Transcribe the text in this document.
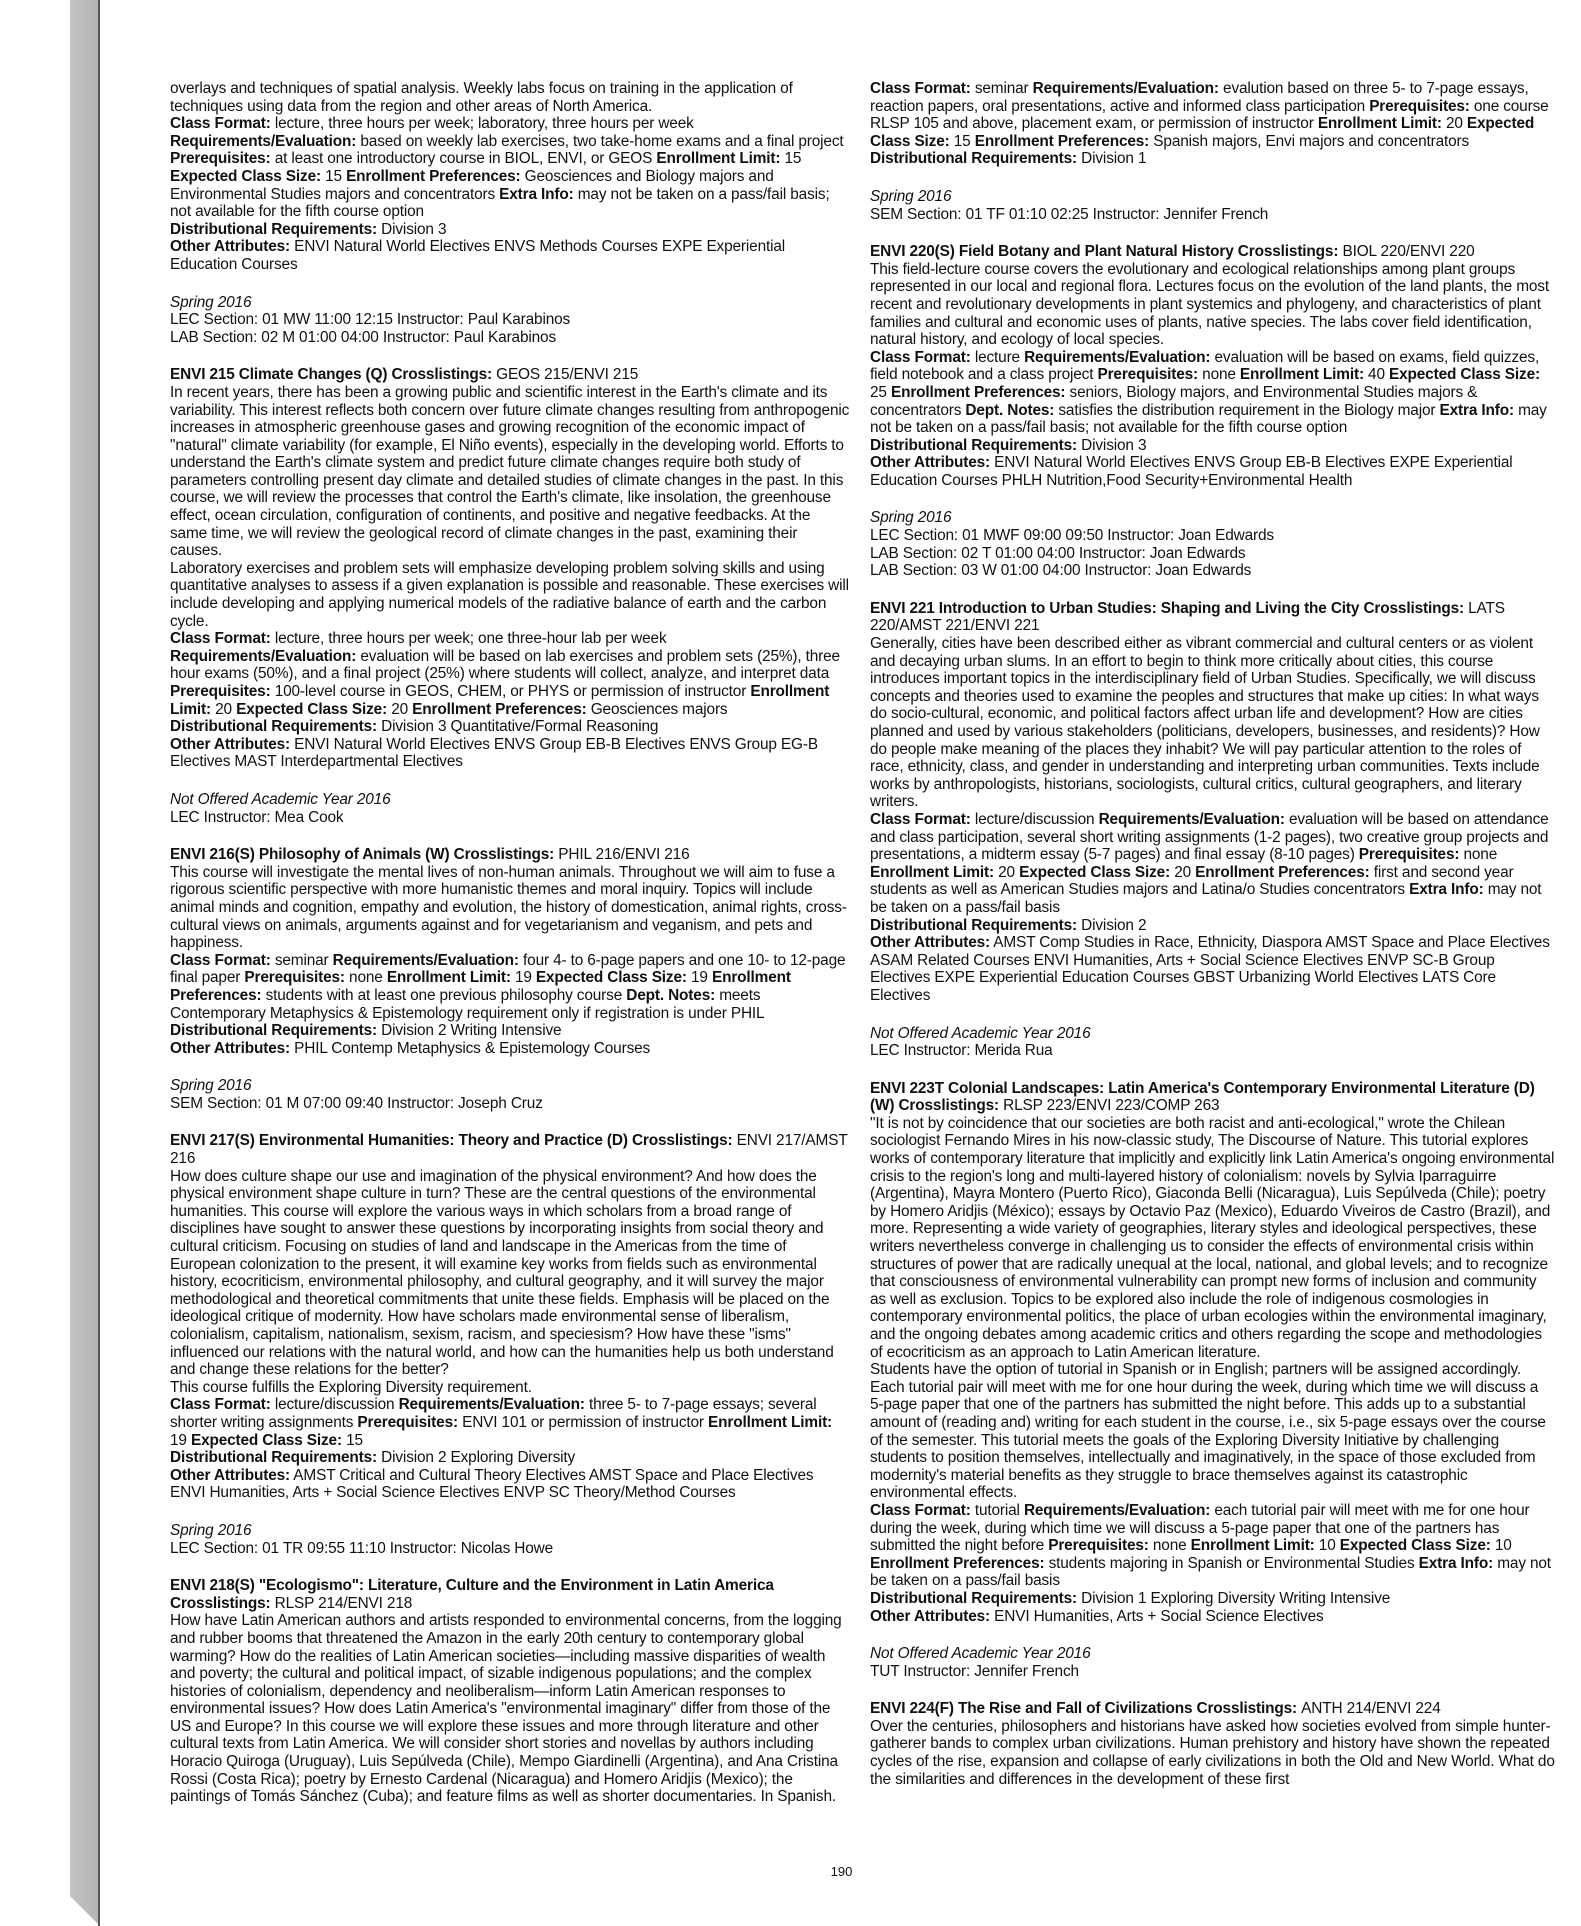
overlays and techniques of spatial analysis. Weekly labs focus on training in the application of techniques using data from the region and other areas of North America.

Class Format: lecture, three hours per week; laboratory, three hours per week Requirements/Evaluation: based on weekly lab exercises, two take-home exams and a final project Prerequisites: at least one introductory course in BIOL, ENVI, or GEOS Enrollment Limit: 15 Expected Class Size: 15 Enrollment Preferences: Geosciences and Biology majors and Environmental Studies majors and concentrators Extra Info: may not be taken on a pass/fail basis; not available for the fifth course option

Distributional Requirements: Division 3

Other Attributes: ENVI Natural World Electives ENVS Methods Courses EXPE Experiential Education Courses

Spring 2016

LEC Section: 01 MW 11:00 12:15 Instructor: Paul Karabinos

LAB Section: 02 M 01:00 04:00 Instructor: Paul Karabinos

ENVI 215 Climate Changes (Q) Crosslistings: GEOS 215/ENVI 215

In recent years, there has been a growing public and scientific interest in the Earth's climate and its variability. This interest reflects both concern over future climate changes resulting from anthropogenic increases in atmospheric greenhouse gases and growing recognition of the economic impact of "natural" climate variability (for example, El Niño events), especially in the developing world. Efforts to understand the Earth's climate system and predict future climate changes require both study of parameters controlling present day climate and detailed studies of climate changes in the past. In this course, we will review the processes that control the Earth's climate, like insolation, the greenhouse effect, ocean circulation, configuration of continents, and positive and negative feedbacks. At the same time, we will review the geological record of climate changes in the past, examining their causes.

Laboratory exercises and problem sets will emphasize developing problem solving skills and using quantitative analyses to assess if a given explanation is possible and reasonable. These exercises will include developing and applying numerical models of the radiative balance of earth and the carbon cycle.

Class Format: lecture, three hours per week; one three-hour lab per week Requirements/Evaluation: evaluation will be based on lab exercises and problem sets (25%), three hour exams (50%), and a final project (25%) where students will collect, analyze, and interpret data Prerequisites: 100-level course in GEOS, CHEM, or PHYS or permission of instructor Enrollment Limit: 20 Expected Class Size: 20 Enrollment Preferences: Geosciences majors

Distributional Requirements: Division 3 Quantitative/Formal Reasoning

Other Attributes: ENVI Natural World Electives ENVS Group EB-B Electives ENVS Group EG-B Electives MAST Interdepartmental Electives

Not Offered Academic Year 2016

LEC Instructor: Mea Cook

ENVI 216(S) Philosophy of Animals (W) Crosslistings: PHIL 216/ENVI 216

This course will investigate the mental lives of non-human animals. Throughout we will aim to fuse a rigorous scientific perspective with more humanistic themes and moral inquiry. Topics will include animal minds and cognition, empathy and evolution, the history of domestication, animal rights, cross-cultural views on animals, arguments against and for vegetarianism and veganism, and pets and happiness.

Class Format: seminar Requirements/Evaluation: four 4- to 6-page papers and one 10- to 12-page final paper Prerequisites: none Enrollment Limit: 19 Expected Class Size: 19 Enrollment Preferences: students with at least one previous philosophy course Dept. Notes: meets Contemporary Metaphysics & Epistemology requirement only if registration is under PHIL

Distributional Requirements: Division 2 Writing Intensive

Other Attributes: PHIL Contemp Metaphysics & Epistemology Courses

Spring 2016

SEM Section: 01 M 07:00 09:40 Instructor: Joseph Cruz

ENVI 217(S) Environmental Humanities: Theory and Practice (D) Crosslistings: ENVI 217/AMST 216

How does culture shape our use and imagination of the physical environment? And how does the physical environment shape culture in turn? These are the central questions of the environmental humanities. This course will explore the various ways in which scholars from a broad range of disciplines have sought to answer these questions by incorporating insights from social theory and cultural criticism. Focusing on studies of land and landscape in the Americas from the time of European colonization to the present, it will examine key works from fields such as environmental history, ecocriticism, environmental philosophy, and cultural geography, and it will survey the major methodological and theoretical commitments that unite these fields. Emphasis will be placed on the ideological critique of modernity. How have scholars made environmental sense of liberalism, colonialism, capitalism, nationalism, sexism, racism, and speciesism? How have these "isms" influenced our relations with the natural world, and how can the humanities help us both understand and change these relations for the better?

This course fulfills the Exploring Diversity requirement.

Class Format: lecture/discussion Requirements/Evaluation: three 5- to 7-page essays; several shorter writing assignments Prerequisites: ENVI 101 or permission of instructor Enrollment Limit: 19 Expected Class Size: 15

Distributional Requirements: Division 2 Exploring Diversity

Other Attributes: AMST Critical and Cultural Theory Electives AMST Space and Place Electives ENVI Humanities, Arts + Social Science Electives ENVP SC Theory/Method Courses

Spring 2016

LEC Section: 01 TR 09:55 11:10 Instructor: Nicolas Howe

ENVI 218(S) "Ecologismo": Literature, Culture and the Environment in Latin America Crosslistings: RLSP 214/ENVI 218

How have Latin American authors and artists responded to environmental concerns, from the logging and rubber booms that threatened the Amazon in the early 20th century to contemporary global warming? How do the realities of Latin American societies—including massive disparities of wealth and poverty; the cultural and political impact, of sizable indigenous populations; and the complex histories of colonialism, dependency and neoliberalism—inform Latin American responses to environmental issues? How does Latin America's "environmental imaginary" differ from those of the US and Europe? In this course we will explore these issues and more through literature and other cultural texts from Latin America. We will consider short stories and novellas by authors including Horacio Quiroga (Uruguay), Luis Sepúlveda (Chile), Mempo Giardinelli (Argentina), and Ana Cristina Rossi (Costa Rica); poetry by Ernesto Cardenal (Nicaragua) and Homero Aridjis (Mexico); the paintings of Tomás Sánchez (Cuba); and feature films as well as shorter documentaries. In Spanish.

Class Format: seminar Requirements/Evaluation: evalution based on three 5- to 7-page essays, reaction papers, oral presentations, active and informed class participation Prerequisites: one course RLSP 105 and above, placement exam, or permission of instructor Enrollment Limit: 20 Expected Class Size: 15 Enrollment Preferences: Spanish majors, Envi majors and concentrators

Distributional Requirements: Division 1

Spring 2016

SEM Section: 01 TF 01:10 02:25 Instructor: Jennifer French

ENVI 220(S) Field Botany and Plant Natural History Crosslistings: BIOL 220/ENVI 220

This field-lecture course covers the evolutionary and ecological relationships among plant groups represented in our local and regional flora. Lectures focus on the evolution of the land plants, the most recent and revolutionary developments in plant systemics and phylogeny, and characteristics of plant families and cultural and economic uses of plants, native species. The labs cover field identification, natural history, and ecology of local species.

Class Format: lecture Requirements/Evaluation: evaluation will be based on exams, field quizzes, field notebook and a class project Prerequisites: none Enrollment Limit: 40 Expected Class Size: 25 Enrollment Preferences: seniors, Biology majors, and Environmental Studies majors & concentrators Dept. Notes: satisfies the distribution requirement in the Biology major Extra Info: may not be taken on a pass/fail basis; not available for the fifth course option

Distributional Requirements: Division 3

Other Attributes: ENVI Natural World Electives ENVS Group EB-B Electives EXPE Experiential Education Courses PHLH Nutrition,Food Security+Environmental Health

Spring 2016

LEC Section: 01 MWF 09:00 09:50 Instructor: Joan Edwards

LAB Section: 02 T 01:00 04:00 Instructor: Joan Edwards

LAB Section: 03 W 01:00 04:00 Instructor: Joan Edwards

ENVI 221 Introduction to Urban Studies: Shaping and Living the City Crosslistings: LATS 220/AMST 221/ENVI 221

Generally, cities have been described either as vibrant commercial and cultural centers or as violent and decaying urban slums. In an effort to begin to think more critically about cities, this course introduces important topics in the interdisciplinary field of Urban Studies. Specifically, we will discuss concepts and theories used to examine the peoples and structures that make up cities: In what ways do socio-cultural, economic, and political factors affect urban life and development? How are cities planned and used by various stakeholders (politicians, developers, businesses, and residents)? How do people make meaning of the places they inhabit? We will pay particular attention to the roles of race, ethnicity, class, and gender in understanding and interpreting urban communities. Texts include works by anthropologists, historians, sociologists, cultural critics, cultural geographers, and literary writers.

Class Format: lecture/discussion Requirements/Evaluation: evaluation will be based on attendance and class participation, several short writing assignments (1-2 pages), two creative group projects and presentations, a midterm essay (5-7 pages) and final essay (8-10 pages) Prerequisites: none Enrollment Limit: 20 Expected Class Size: 20 Enrollment Preferences: first and second year students as well as American Studies majors and Latina/o Studies concentrators Extra Info: may not be taken on a pass/fail basis

Distributional Requirements: Division 2

Other Attributes: AMST Comp Studies in Race, Ethnicity, Diaspora AMST Space and Place Electives ASAM Related Courses ENVI Humanities, Arts + Social Science Electives ENVP SC-B Group Electives EXPE Experiential Education Courses GBST Urbanizing World Electives LATS Core Electives

Not Offered Academic Year 2016

LEC Instructor: Merida Rua

ENVI 223T Colonial Landscapes: Latin America's Contemporary Environmental Literature (D) (W) Crosslistings: RLSP 223/ENVI 223/COMP 263

"It is not by coincidence that our societies are both racist and anti-ecological," wrote the Chilean sociologist Fernando Mires in his now-classic study, The Discourse of Nature. This tutorial explores works of contemporary literature that implicitly and explicitly link Latin America's ongoing environmental crisis to the region's long and multi-layered history of colonialism: novels by Sylvia Iparraguirre (Argentina), Mayra Montero (Puerto Rico), Giaconda Belli (Nicaragua), Luis Sepúlveda (Chile); poetry by Homero Aridjis (México); essays by Octavio Paz (Mexico), Eduardo Viveiros de Castro (Brazil), and more. Representing a wide variety of geographies, literary styles and ideological perspectives, these writers nevertheless converge in challenging us to consider the effects of environmental crisis within structures of power that are radically unequal at the local, national, and global levels; and to recognize that consciousness of environmental vulnerability can prompt new forms of inclusion and community as well as exclusion. Topics to be explored also include the role of indigenous cosmologies in contemporary environmental politics, the place of urban ecologies within the environmental imaginary, and the ongoing debates among academic critics and others regarding the scope and methodologies of ecocriticism as an approach to Latin American literature.

Students have the option of tutorial in Spanish or in English; partners will be assigned accordingly. Each tutorial pair will meet with me for one hour during the week, during which time we will discuss a 5-page paper that one of the partners has submitted the night before. This adds up to a substantial amount of (reading and) writing for each student in the course, i.e., six 5-page essays over the course of the semester. This tutorial meets the goals of the Exploring Diversity Initiative by challenging students to position themselves, intellectually and imaginatively, in the space of those excluded from modernity's material benefits as they struggle to brace themselves against its catastrophic environmental effects.

Class Format: tutorial Requirements/Evaluation: each tutorial pair will meet with me for one hour during the week, during which time we will discuss a 5-page paper that one of the partners has submitted the night before Prerequisites: none Enrollment Limit: 10 Expected Class Size: 10 Enrollment Preferences: students majoring in Spanish or Environmental Studies Extra Info: may not be taken on a pass/fail basis

Distributional Requirements: Division 1 Exploring Diversity Writing Intensive

Other Attributes: ENVI Humanities, Arts + Social Science Electives

Not Offered Academic Year 2016

TUT Instructor: Jennifer French

ENVI 224(F) The Rise and Fall of Civilizations Crosslistings: ANTH 214/ENVI 224

Over the centuries, philosophers and historians have asked how societies evolved from simple hunter-gatherer bands to complex urban civilizations. Human prehistory and history have shown the repeated cycles of the rise, expansion and collapse of early civilizations in both the Old and New World. What do the similarities and differences in the development of these first

190
